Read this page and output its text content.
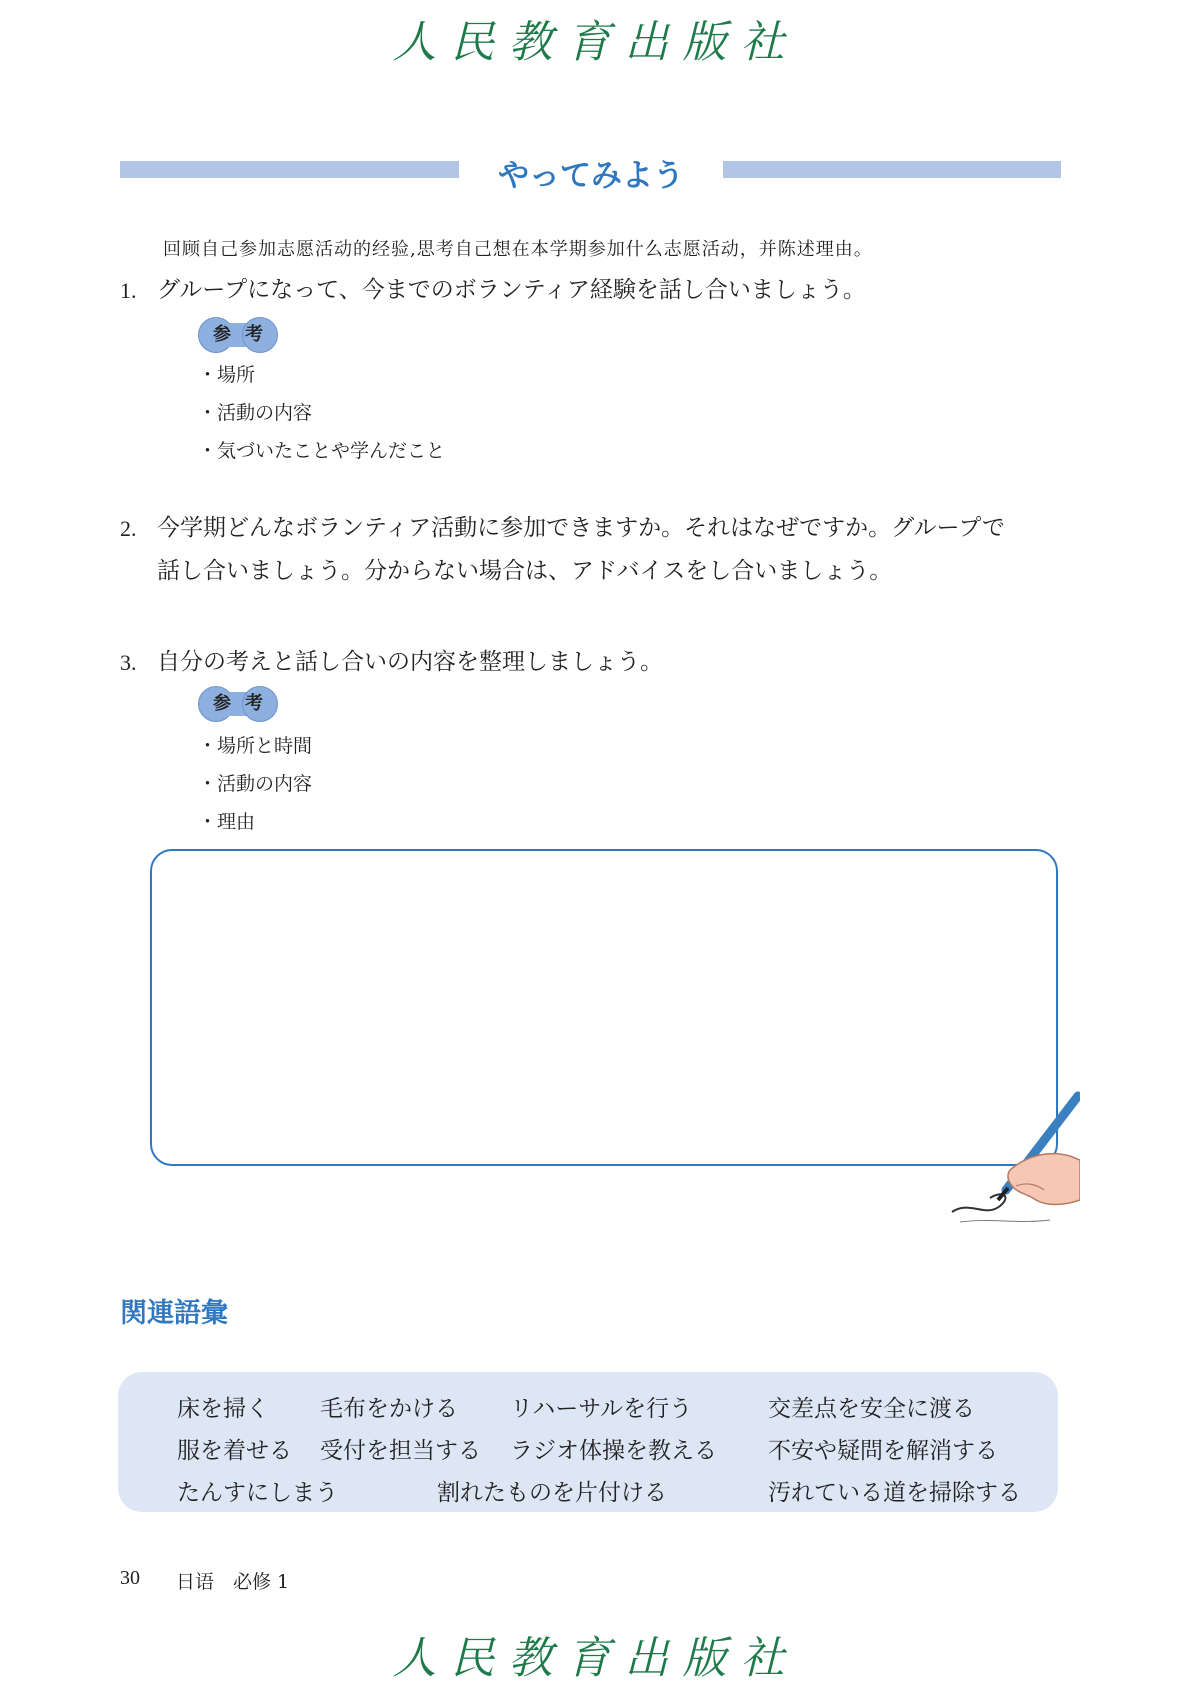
人民教育出版社
やってみよう
回顾自己参加志愿活动的经验,思考自己想在本学期参加什么志愿活动，并陈述理由。
1. グループになって、今までのボランティア経験を話し合いましょう。
参考
・場所
・活動の内容
・気づいたことや学んだこと
2. 今学期どんなボランティア活動に参加できますか。それはなぜですか。グループで
話し合いましょう。分からない場合は、アドバイスをし合いましょう。
3. 自分の考えと話し合いの内容を整理しましょう。
参考
・場所と時間
・活動の内容
・理由
関連語彙
床を掃く 毛布をかける リハーサルを行う	交差点を安全に渡る
服を着せる 受付を担当する ラジオ体操を教える 不安や疑問を解消する
たんすにしまう	割れたものを片付ける	汚れている道を掃除する
30 日语　必修 1
人民教育出版社
